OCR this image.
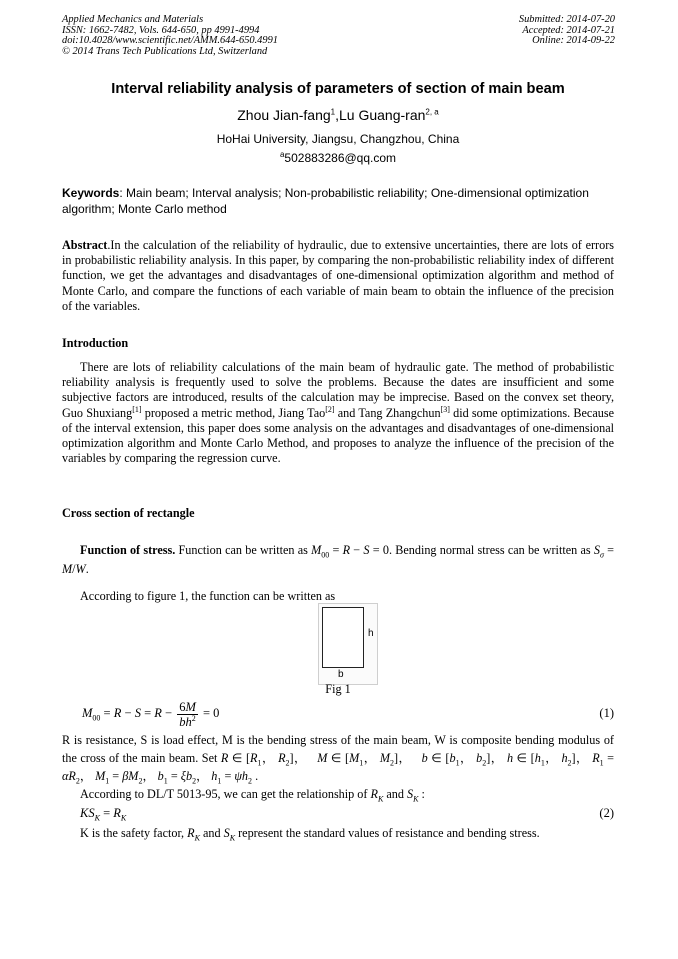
Applied Mechanics and Materials
ISSN: 1662-7482, Vols. 644-650, pp 4991-4994
doi:10.4028/www.scientific.net/AMM.644-650.4991
© 2014 Trans Tech Publications Ltd, Switzerland
Submitted: 2014-07-20
Accepted: 2014-07-21
Online: 2014-09-22
Interval reliability analysis of parameters of section of main beam
Zhou Jian-fang$^1$,Lu Guang-ran$^{2, a}$
HoHai University, Jiangsu, Changzhou, China
$^a$502883286@qq.com
Keywords: Main beam; Interval analysis; Non-probabilistic reliability; One-dimensional optimization algorithm; Monte Carlo method
Abstract.In the calculation of the reliability of hydraulic, due to extensive uncertainties, there are lots of errors in probabilistic reliability analysis. In this paper, by comparing the non-probabilistic reliability index of different function, we get the advantages and disadvantages of one-dimensional optimization algorithm and method of Monte Carlo, and compare the functions of each variable of main beam to obtain the influence of the precision of the variables.
Introduction
There are lots of reliability calculations of the main beam of hydraulic gate. The method of probabilistic reliability analysis is frequently used to solve the problems. Because the dates are insufficient and some subjective factors are introduced, results of the calculation may be imprecise. Based on the convex set theory, Guo Shuxiang[1] proposed a metric method, Jiang Tao[2] and Tang Zhangchun[3] did some optimizations. Because of the interval extension, this paper does some analysis on the advantages and disadvantages of one-dimensional optimization algorithm and Monte Carlo Method, and proposes to analyze the influence of the precision of the variables by comparing the regression curve.
Cross section of rectangle
Function of stress. Function can be written as $M_{00} = R - S = 0$. Bending normal stress can be written as $S_\sigma = M/W$.
According to figure 1, the function can be written as
h
b
Fig 1
$M_{00} = R - S = R - \frac{6M}{bh^2} = 0$	(1)
R is resistance, S is load effect, M is the bending stress of the main beam, W is composite bending modulus of the cross of the main beam. Set R ∈ [$R_1$， $R_2$]，   M ∈ [$M_1$， $M_2$]，   b ∈ [$b_1$， $b_2$]， h ∈ [$h_1$， $h_2$]， $R_1 = \alpha R_2$， $M_1 = \beta M_2$， $b_1 = \xi b_2$， $h_1 = \psi h_2$ .
According to DL/T 5013-95, we can get the relationship of $R_K$ and $S_K$ :
$KS_K = R_K$	(2)
K is the safety factor, $R_K$ and $S_K$ represent the standard values of resistance and bending stress.
